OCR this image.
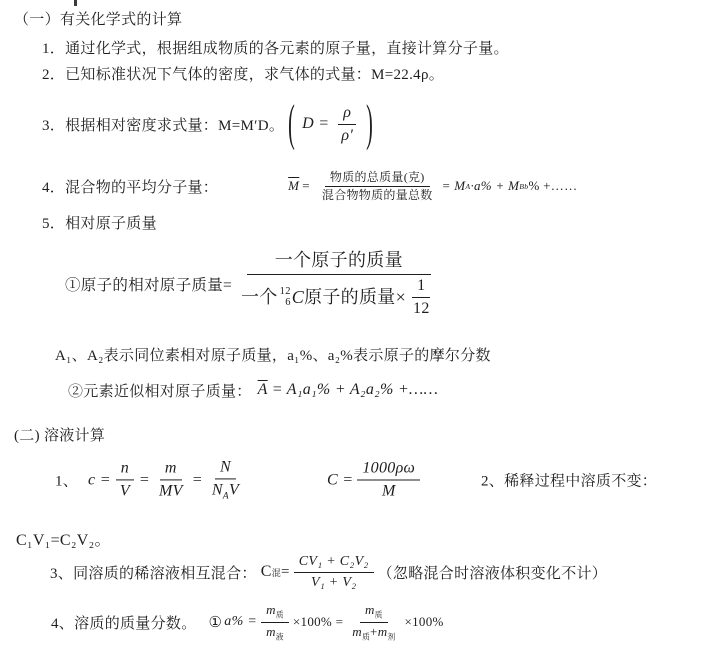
（一）有关化学式的计算
1．通过化学式，根据组成物质的各元素的原子量，直接计算分子量。
2．已知标准状况下气体的密度，求气体的式量：M=22.4ρ。
3．根据相对密度求式量：M=M′D。 ( $D = \frac{\rho}{\rho'}$ )
4．混合物的平均分子量：	$\overline{M} = \frac{\text{物质的总质量(克)}}{\text{混合物物质的量总数}} = M$ A ·a% + M Bb % +……
5．相对原子质量
①原子的相对原子质量=
一个原子的质量
一个 12
6 C 原子的质量× $\frac{1}{12}$
A₁、A₂表示同位素相对原子质量，a₁%、a₂%表示原子的摩尔分数
②元素近似相对原子质量： $\overline{A} = A_1a_1\% + A_2a_2\%$ +……
(二) 溶液计算
1、 $c = \frac{n}{V} = \frac{m}{MV} = \frac{N}{N_AV}$	$C = \frac{1000\rho\omega}{M}$	2、稀释过程中溶质不变：
C₁V₁=C₂V₂。
3、同溶质的稀溶液相互混合： C 混 = $\frac{\text{CV₁ + C₂V₂}}{\text{V₁ + V₂}}$ （忽略混合时溶液体积变化不计）
4、溶质的质量分数。 ① $a\% = \frac{m_质}{m_液} \times 100\% = \frac{m_质}{m_质+m_剂} \times 100\%$
